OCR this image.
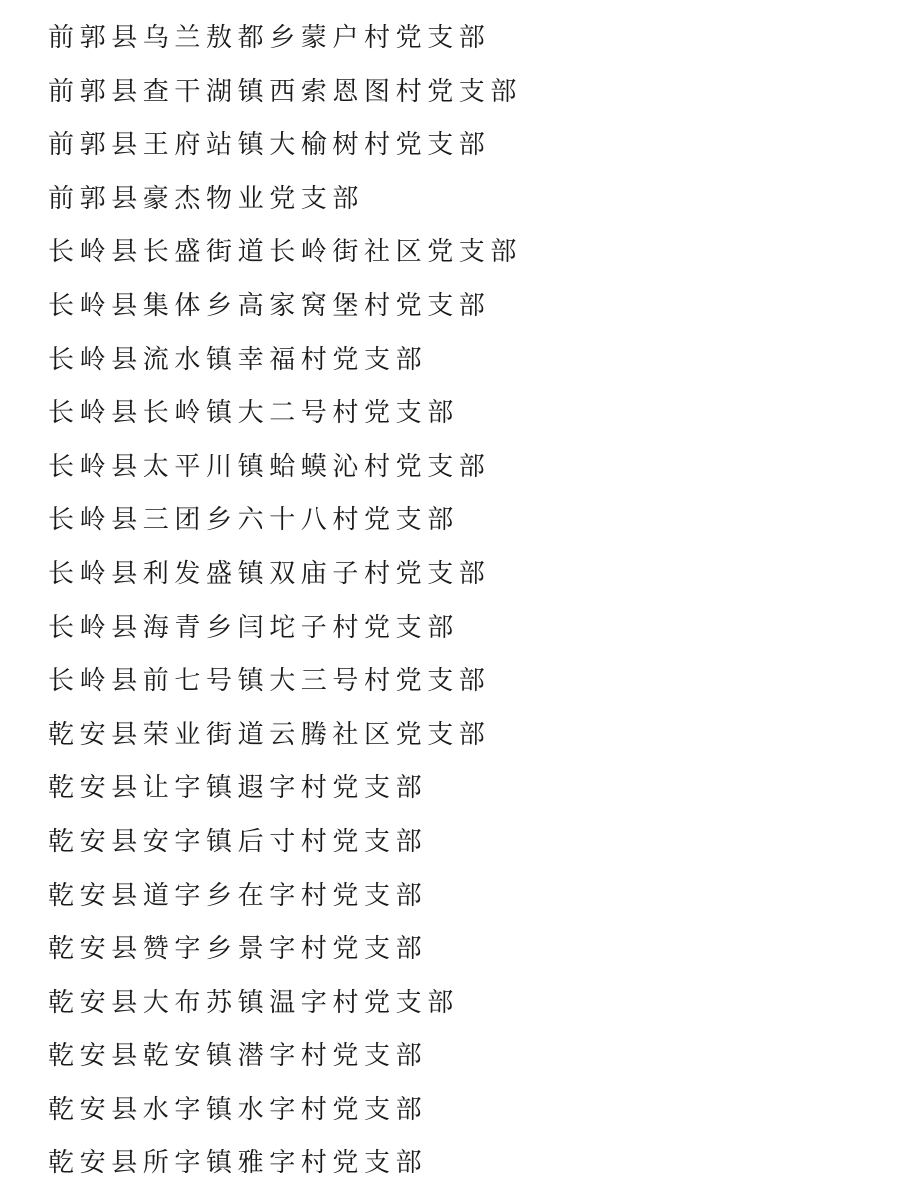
前郭县乌兰敖都乡蒙户村党支部
前郭县查干湖镇西索恩图村党支部
前郭县王府站镇大榆树村党支部
前郭县豪杰物业党支部
长岭县长盛街道长岭街社区党支部
长岭县集体乡高家窝堡村党支部
长岭县流水镇幸福村党支部
长岭县长岭镇大二号村党支部
长岭县太平川镇蛤蟆沁村党支部
长岭县三团乡六十八村党支部
长岭县利发盛镇双庙子村党支部
长岭县海青乡闫坨子村党支部
长岭县前七号镇大三号村党支部
乾安县荣业街道云腾社区党支部
乾安县让字镇遐字村党支部
乾安县安字镇后寸村党支部
乾安县道字乡在字村党支部
乾安县赞字乡景字村党支部
乾安县大布苏镇温字村党支部
乾安县乾安镇潜字村党支部
乾安县水字镇水字村党支部
乾安县所字镇雅字村党支部
